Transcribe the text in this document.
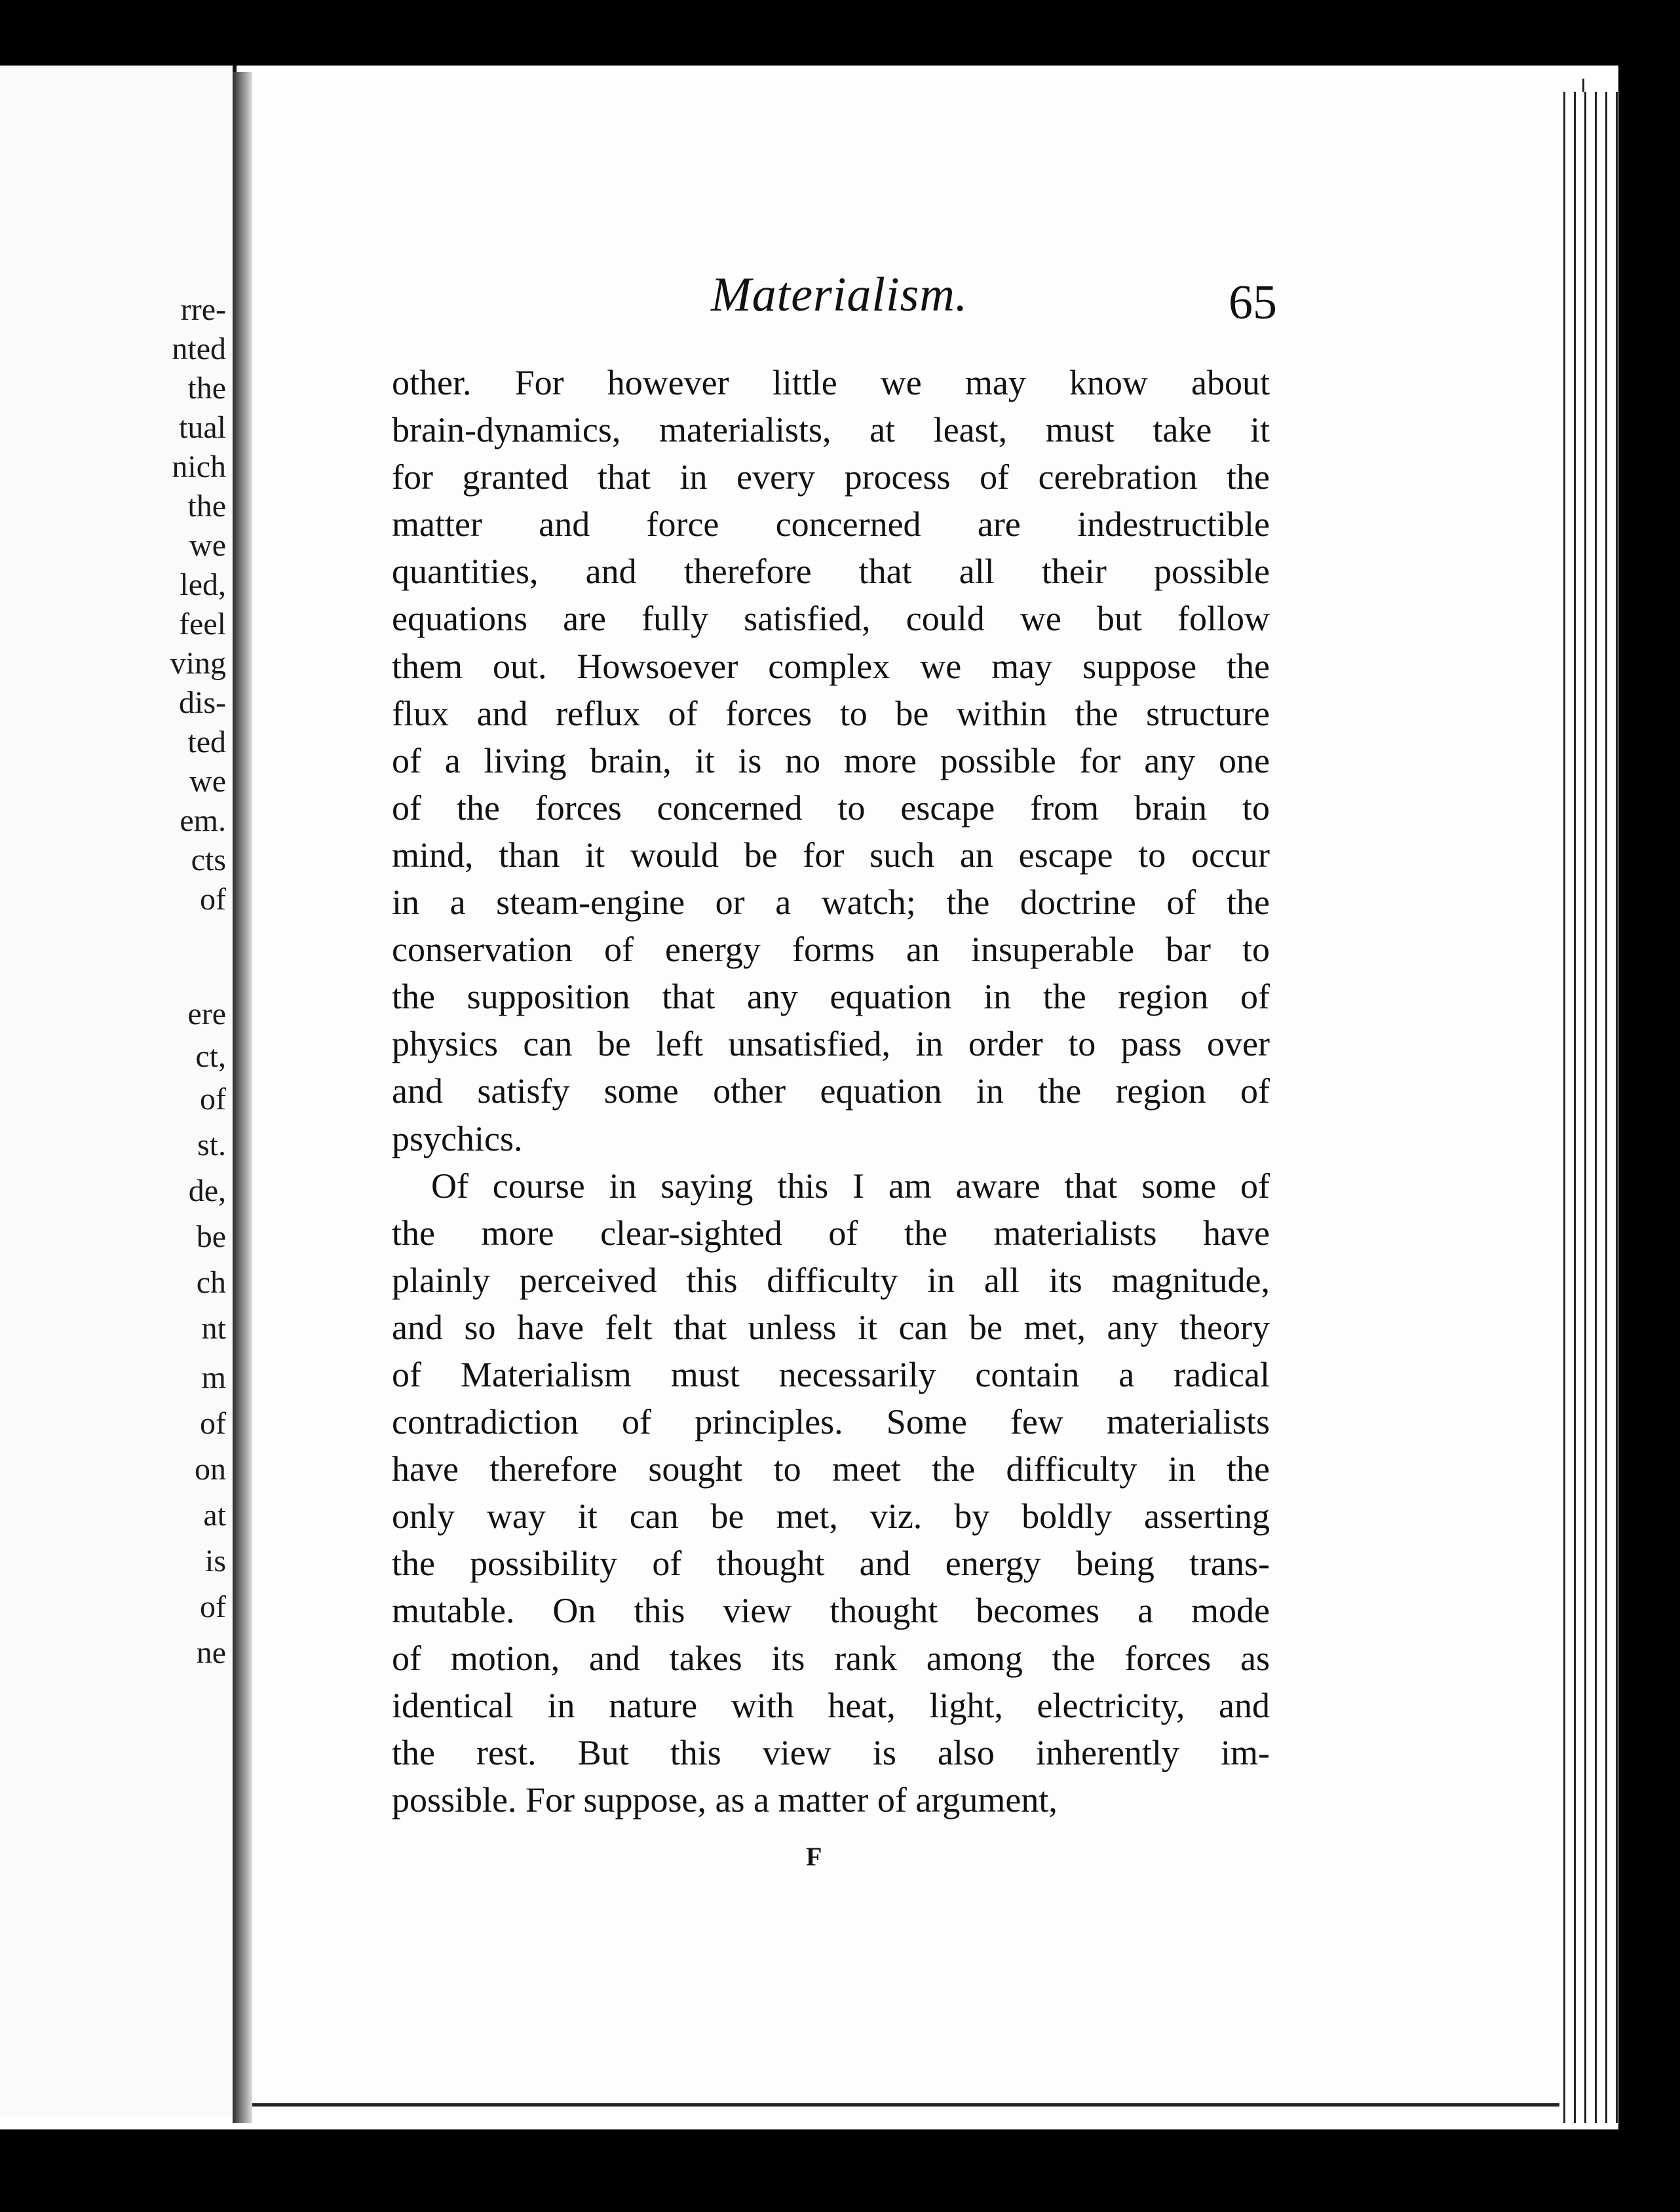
rre-
nted
the
tual
nich
the
we
led,
feel
ving
dis-
ted
we
em.
cts
of
ere
ct,
of
st.
de,
be
ch
nt
m
of
on
at
is
of
ne
Materialism.	65
other. For however little we may know about
brain-dynamics, materialists, at least, must take it
for granted that in every process of cerebration the
matter and force concerned are indestructible
quantities, and therefore that all their possible
equations are fully satisfied, could we but follow
them out. Howsoever complex we may suppose the
flux and reflux of forces to be within the structure
of a living brain, it is no more possible for any one
of the forces concerned to escape from brain to
mind, than it would be for such an escape to occur
in a steam-engine or a watch; the doctrine of the
conservation of energy forms an insuperable bar to
the supposition that any equation in the region of
physics can be left unsatisfied, in order to pass over
and satisfy some other equation in the region of
psychics.
Of course in saying this I am aware that some of
the more clear-sighted of the materialists have
plainly perceived this difficulty in all its magnitude,
and so have felt that unless it can be met, any theory
of Materialism must necessarily contain a radical
contradiction of principles. Some few materialists
have therefore sought to meet the difficulty in the
only way it can be met, viz. by boldly asserting
the possibility of thought and energy being trans-
mutable. On this view thought becomes a mode
of motion, and takes its rank among the forces as
identical in nature with heat, light, electricity, and
the rest. But this view is also inherently im-
possible. For suppose, as a matter of argument,
F
